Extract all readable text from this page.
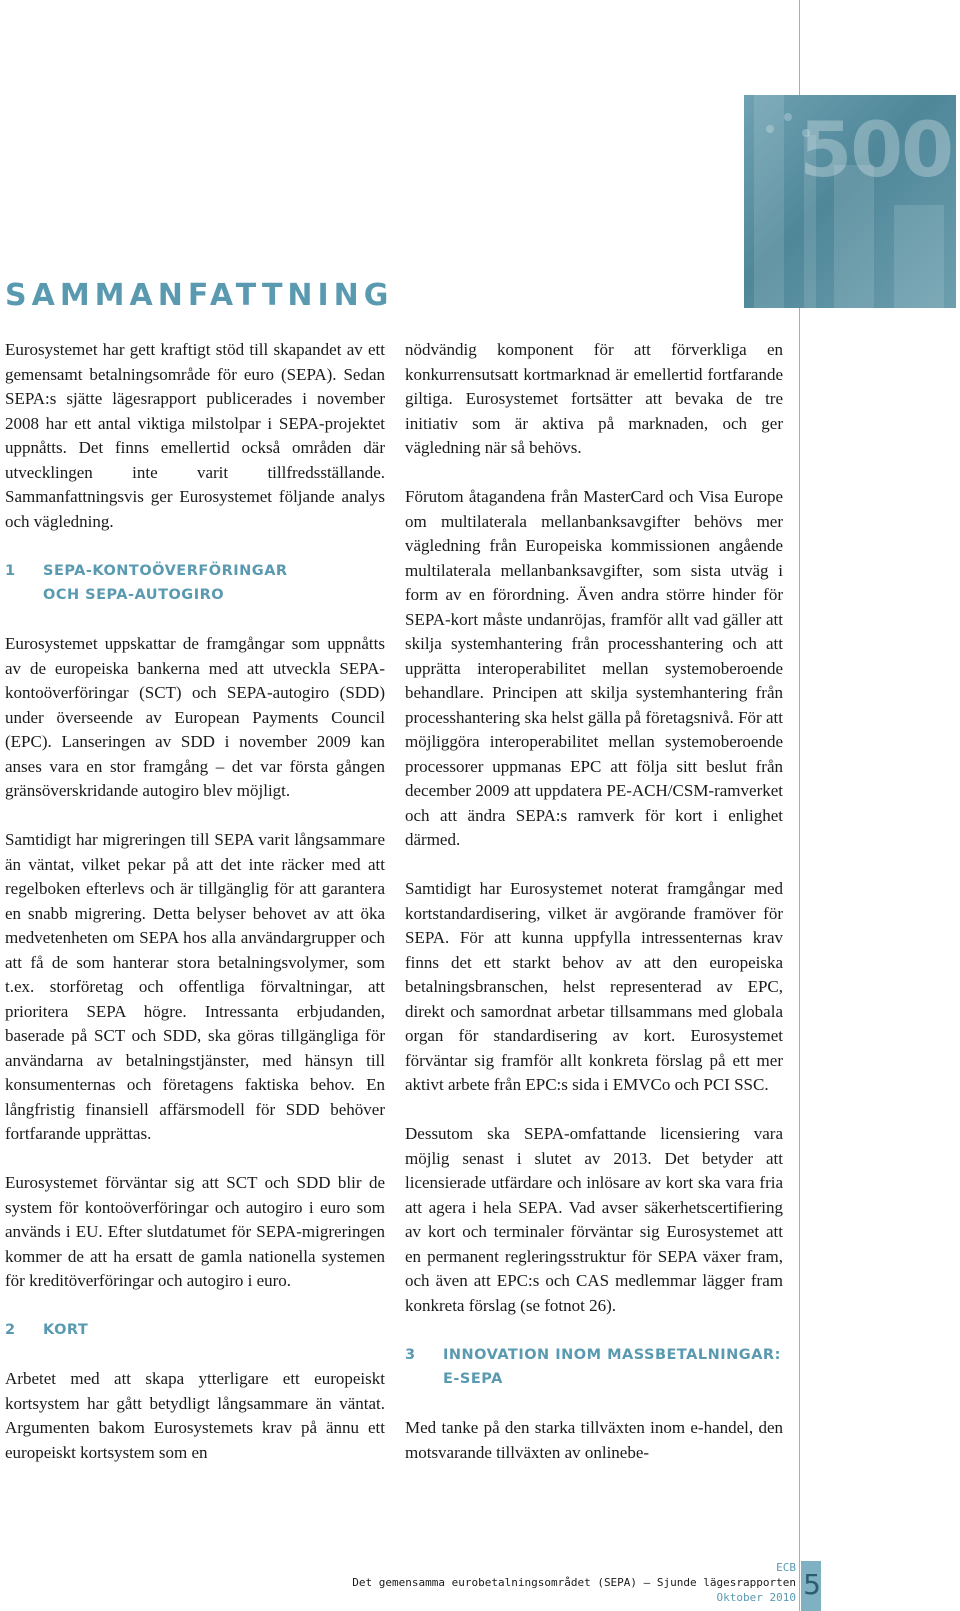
500
SAMMANFATTNING

Eurosystemet har gett kraftigt stöd till skapandet av ett gemensamt betalningsområde för euro (SEPA). Sedan SEPA:s sjätte lägesrapport publicerades i november 2008 har ett antal viktiga milstolpar i SEPA-projektet uppnåtts. Det finns emellertid också områden där utvecklingen inte varit tillfredsställande. Sammanfattningsvis ger Eurosystemet följande analys och vägledning.

1	SEPA-KONTOÖVERFÖRINGAR
OCH SEPA-AUTOGIRO

Eurosystemet uppskattar de framgångar som uppnåtts av de europeiska bankerna med att utveckla SEPA-kontoöverföringar (SCT) och SEPA-autogiro (SDD) under överseende av European Payments Council (EPC). Lanseringen av SDD i november 2009 kan anses vara en stor framgång – det var första gången gränsöverskridande autogiro blev möjligt.

Samtidigt har migreringen till SEPA varit långsammare än väntat, vilket pekar på att det inte räcker med att regelboken efterlevs och är tillgänglig för att garantera en snabb migrering. Detta belyser behovet av att öka medvetenheten om SEPA hos alla användargrupper och att få de som hanterar stora betalningsvolymer, som t.ex. storföretag och offentliga förvaltningar, att prioritera SEPA högre. Intressanta erbjudanden, baserade på SCT och SDD, ska göras tillgängliga för användarna av betalningstjänster, med hänsyn till konsumenternas och företagens faktiska behov. En långfristig finansiell affärsmodell för SDD behöver fortfarande upprättas.

Eurosystemet förväntar sig att SCT och SDD blir de system för kontoöverföringar och autogiro i euro som används i EU. Efter slutdatumet för SEPA-migreringen kommer de att ha ersatt de gamla nationella systemen för kreditöverföringar och autogiro i euro.

2	KORT

Arbetet med att skapa ytterligare ett europeiskt kortsystem har gått betydligt långsammare än väntat. Argumenten bakom Eurosystemets krav på ännu ett europeiskt kortsystem som en

nödvändig komponent för att förverkliga en konkurrensutsatt kortmarknad är emellertid fortfarande giltiga. Eurosystemet fortsätter att bevaka de tre initiativ som är aktiva på marknaden, och ger vägledning när så behövs.

Förutom åtagandena från MasterCard och Visa Europe om multilaterala mellanbanksavgifter behövs mer vägledning från Europeiska kommissionen angående multilaterala mellanbanksavgifter, som sista utväg i form av en förordning. Även andra större hinder för SEPA-kort måste undanröjas, framför allt vad gäller att skilja systemhantering från processhantering och att upprätta interoperabilitet mellan systemoberoende behandlare. Principen att skilja systemhantering från processhantering ska helst gälla på företagsnivå. För att möjliggöra interoperabilitet mellan systemoberoende processorer uppmanas EPC att följa sitt beslut från december 2009 att uppdatera PE-ACH/CSM-ramverket och att ändra SEPA:s ramverk för kort i enlighet därmed.

Samtidigt har Eurosystemet noterat framgångar med kortstandardisering, vilket är avgörande framöver för SEPA. För att kunna uppfylla intressenternas krav finns det ett starkt behov av att den europeiska betalningsbranschen, helst representerad av EPC, direkt och samordnat arbetar tillsammans med globala organ för standardisering av kort. Eurosystemet förväntar sig framför allt konkreta förslag på ett mer aktivt arbete från EPC:s sida i EMVCo och PCI SSC.

Dessutom ska SEPA-omfattande licensiering vara möjlig senast i slutet av 2013. Det betyder att licensierade utfärdare och inlösare av kort ska vara fria att agera i hela SEPA. Vad avser säkerhetscertifiering av kort och terminaler förväntar sig Eurosystemet att en permanent regleringsstruktur för SEPA växer fram, och även att EPC:s och CAS medlemmar lägger fram konkreta förslag (se fotnot 26).

3	INNOVATION INOM MASSBETALNINGAR:
E-SEPA

Med tanke på den starka tillväxten inom e-handel, den motsvarande tillväxten av onlinebe-

ECB
Det gemensamma eurobetalningsområdet (SEPA) – Sjunde lägesrapporten
Oktober 2010 5
